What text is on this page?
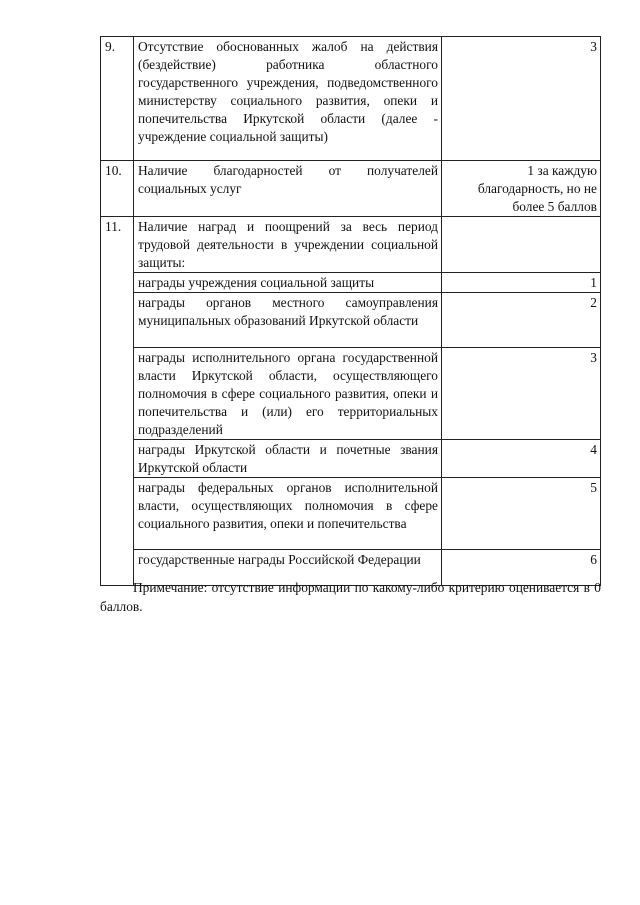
9.	Отсутствие обоснованных жалоб на действия (бездействие) работника областного государственного учреждения, подведомственного министерству социального развития, опеки и попечительства Иркутской области (далее - учреждение социальной защиты)	3
10.	Наличие благодарностей от получателей социальных услуг	1 за каждую благодарность, но не более 5 баллов
11.	Наличие наград и поощрений за весь период трудовой деятельности в учреждении социальной защиты:	
	награды учреждения социальной защиты	1
	награды органов местного самоуправления муниципальных образований Иркутской области	2
	награды исполнительного органа государственной власти Иркутской области, осуществляющего полномочия в сфере социального развития, опеки и попечительства и (или) его территориальных подразделений	3
	награды Иркутской области и почетные звания Иркутской области	4
	награды федеральных органов исполнительной власти, осуществляющих полномочия в сфере социального развития, опеки и попечительства	5
	государственные награды Российской Федерации	6
Примечание: отсутствие информации по какому-либо критерию оценивается в 0 баллов.
